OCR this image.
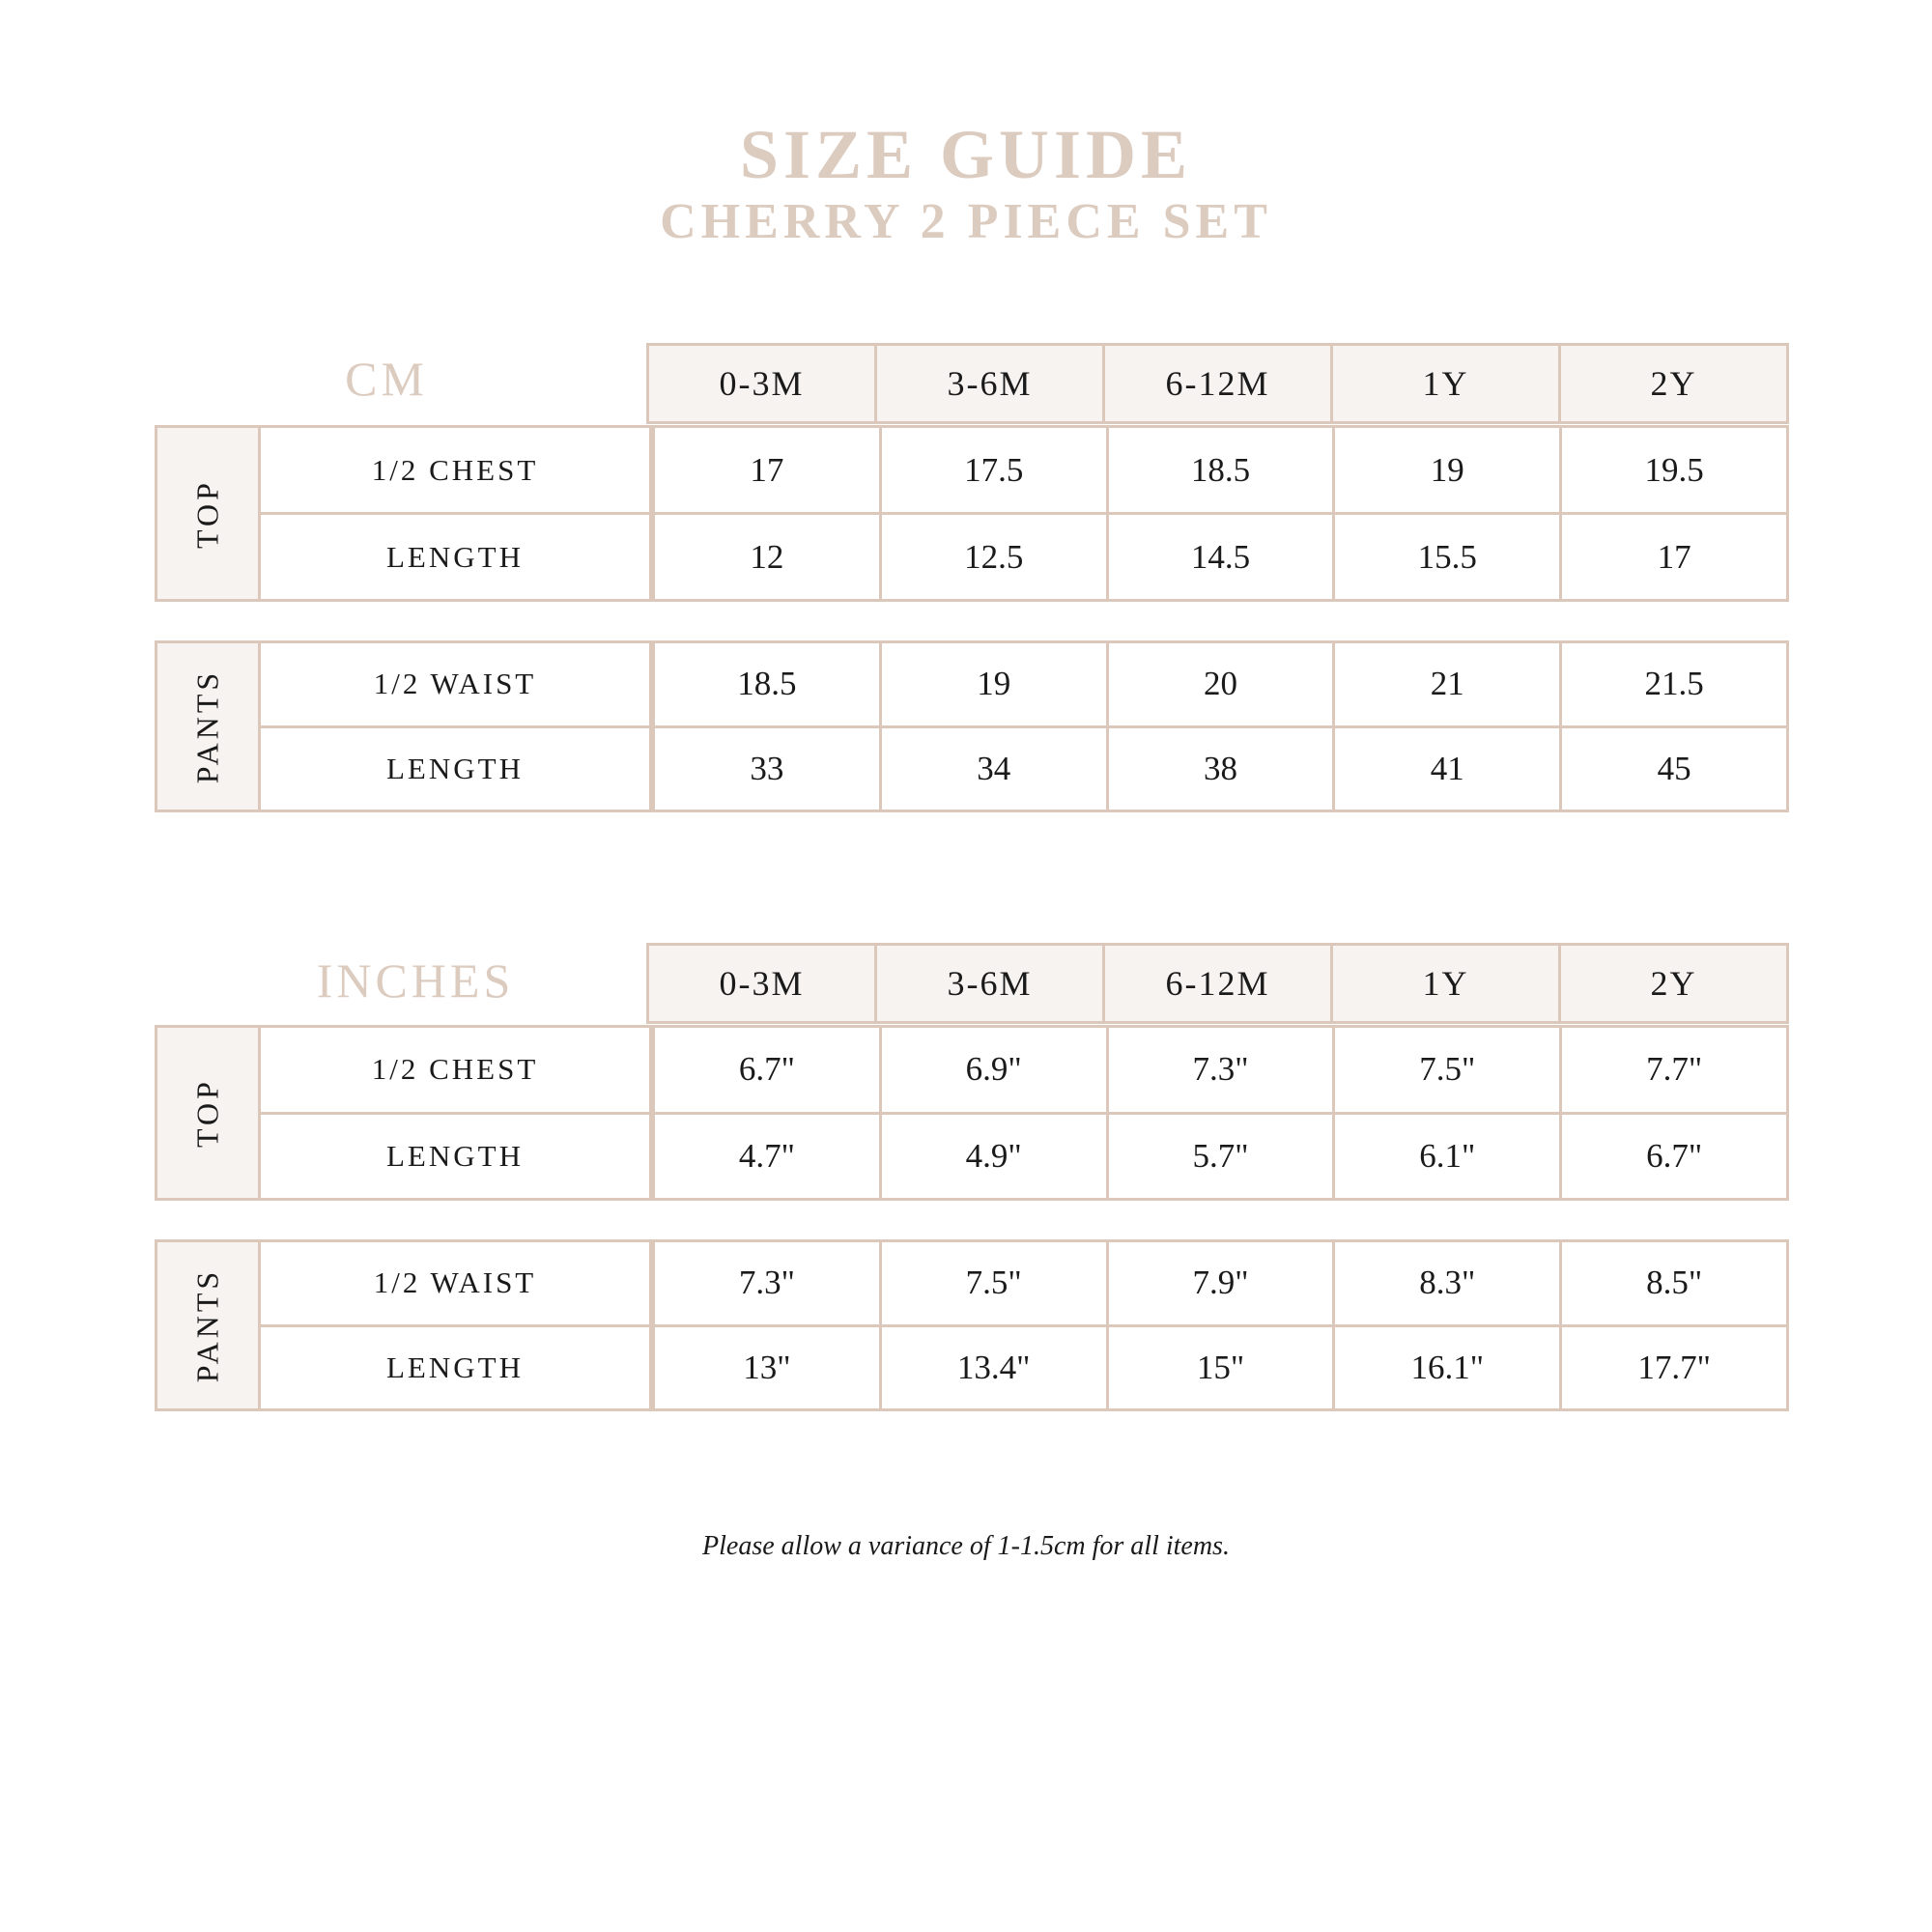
SIZE GUIDE
CHERRY 2 PIECE SET
CM	0-3M	3-6M	6-12M	1Y	2Y
TOP
1/2 CHEST	17	17.5	18.5	19	19.5
LENGTH	12	12.5	14.5	15.5	17
PANTS	1/2 WAIST	18.5	19	20	21	21.5
LENGTH	33	34	38	41	45
INCHES	0-3M	3-6M	6-12M	1Y	2Y
TOP
1/2 CHEST	6.7"	6.9"	7.3"	7.5"	7.7"
LENGTH	4.7"	4.9"	5.7"	6.1"	6.7"
PANTS	1/2 WAIST	7.3"	7.5"	7.9"	8.3"	8.5"
LENGTH	13"	13.4"	15"	16.1"	17.7"
Please allow a variance of 1-1.5cm for all items.
